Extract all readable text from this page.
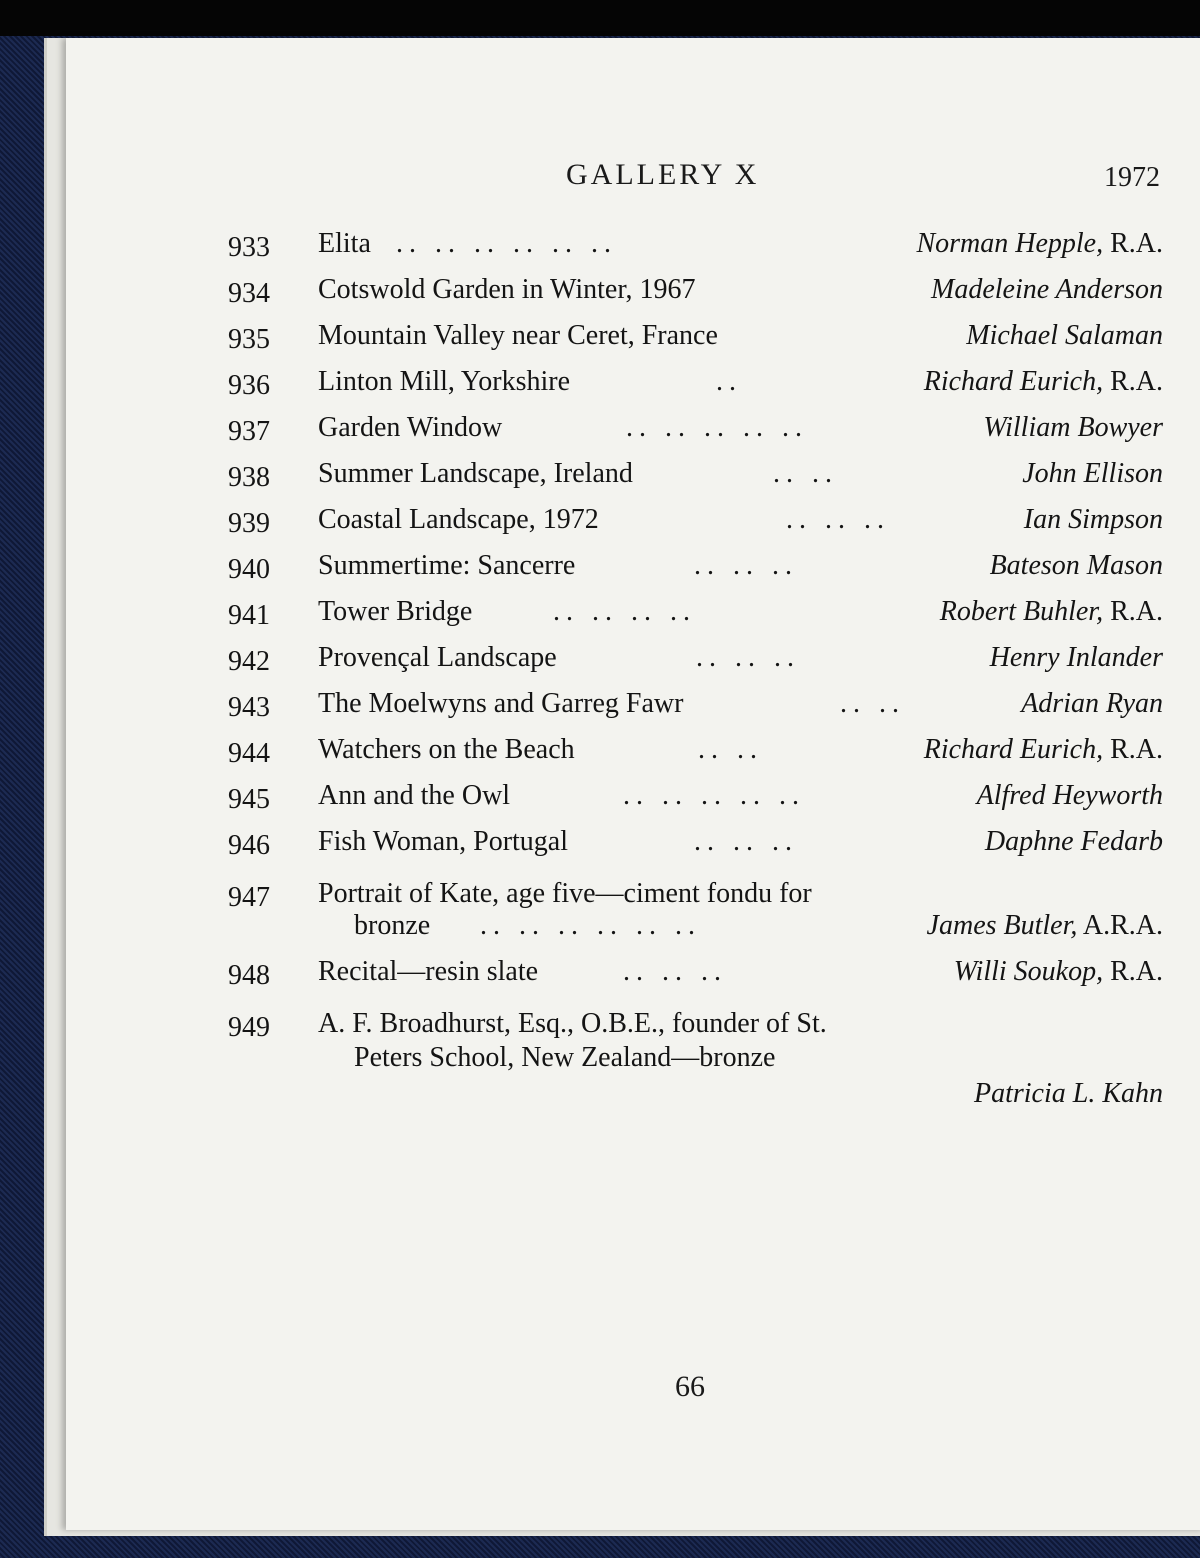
GALLERY X	1972
933	Elita .. .. .. .. .. ..	Norman Hepple, R.A.
934	Cotswold Garden in Winter, 1967	Madeleine Anderson
935	Mountain Valley near Ceret, France	Michael Salaman
936	Linton Mill, Yorkshire	..	Richard Eurich, R.A.
937	Garden Window	.. .. .. .. ..	William Bowyer
938	Summer Landscape, Ireland	.. ..	John Ellison
939	Coastal Landscape, 1972	.. .. ..	Ian Simpson
940	Summertime: Sancerre	.. .. ..	Bateson Mason
941	Tower Bridge	.. .. .. ..	Robert Buhler, R.A.
942	Provençal Landscape	.. .. ..	Henry Inlander
943	The Moelwyns and Garreg Fawr	.. ..	Adrian Ryan
944	Watchers on the Beach	.. ..	Richard Eurich, R.A.
945	Ann and the Owl	.. .. .. .. ..	Alfred Heyworth
946	Fish Woman, Portugal	.. .. ..	Daphne Fedarb
947	Portrait of Kate, age five—ciment fondu for
bronze .. .. .. .. .. ..	James Butler, A.R.A.
948	Recital—resin slate	.. .. ..	Willi Soukop, R.A.
949	A. F. Broadhurst, Esq., O.B.E., founder of St.
Peters School, New Zealand—bronze
Patricia L. Kahn
66
